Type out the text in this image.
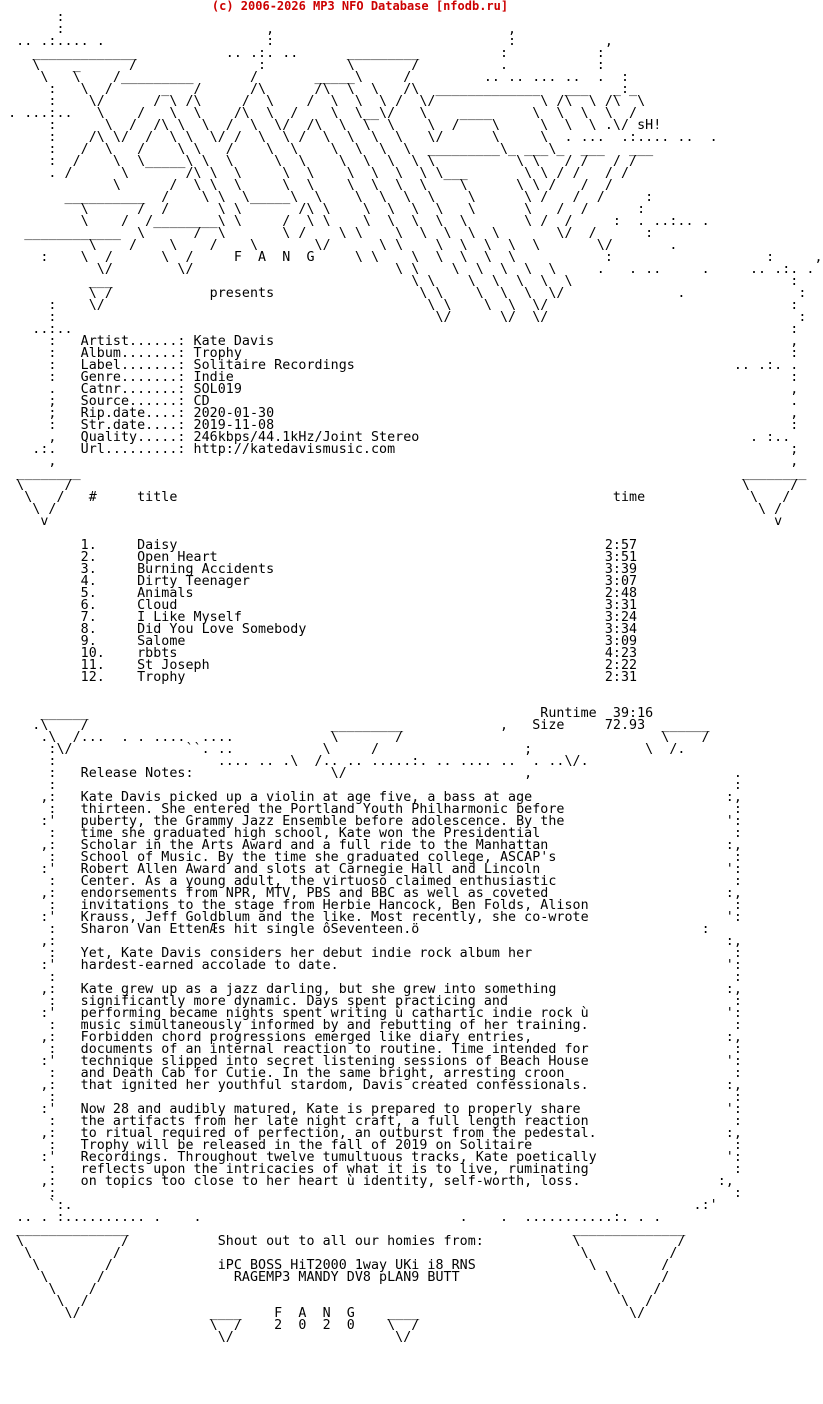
(c) 2006-2026 MP3 NFO Database [nfodb.ru]
:
:                         ,                             ,
.. .:.... .                    :                             :           ,
_____________           .. .:. ..      _________          :           :
\    _      /               :          \       /          .           :
\   \    /_________       /       _____\     /         .. .. ... ..  .  :
:   \  /      _   /      /\      /\  \  \   /\  _____________   ___   _:_
:    \/      / \ /\     /  \    /  \  \  \ /  \/             \ /\  \ /\  \
. ...:..   \    /   \  \    /\  \  /    \  \__\/   \    ____     \  \  \  \  /
:      \  /  /\ \  \  /  \  \/  /\  \  \  \    \  /    \     \  \  \ .\/ sH!
:    /\ \/  /  \ \  \/ /  \  \ /  \  \  \  \   \/      \     \  . ...  .:.... ..  .
:   /  \   /    \ \   /    \  \    \  \  \  \  _________\_ ___\_  ___   ___
:  /    \  \_____\ \  \     \  \    \  \  \  \ \          \ \   / /   / /
. /      \       /\ \  \     \  \    \  \  \  \ \___       \ \ / /   / /
\      /  \ \  \     \  \    \  \  \  \    \      \ \ /   /  /
__________  /    \ \  \_____\  \    \  \  \  \    \      \ /   /  /     :
\      /  /      \ \       /\ \    \  \  \  \   \      \   /  /      :
\    /  /________\ \     /  \ \    \  \  \  \  \       \ /  /     :  . ..:.. .
____________  \      /  \       \ /    \ \    \  \  \  \  \       \/  /      :
\    /    \    /    \       \/      \ \    \  \  \  \  \       \/       .
:    \  /      \  /     F  A  N  G     \ \    \  \  \  \  \           :                   :     ,
\/        \/                         \ \    \  \  \  \  \     .   . ..     .     .. .:. .
___                                     \ \    \  \  \  \  \                           :
\ /            presents                  \ \    \  \  \  \/              .              :
:    \/                                        \ \    \  \  \/                              :
:                                               \/      \/  \/                               :
..:..                                                                                         :
:   Artist......: Kate Davis                                                                ,
:   Album.......: Trophy                                                                    :
:   Label.......: Solitaire Recordings                                               .. .:. .
:   Genre.......: Indie                                                                     :
.   Catnr.......: SOL019                                                                    ,
;   Source......: CD                                                                        .
;   Rip.date....: 2020-01-30                                                                ,
:   Str.date....: 2019-11-08                                                                :
,   Quality.....: 246kbps/44.1kHz/Joint Stereo                                         . :..
.:.   Url.........: http://katedavismusic.com                                                 ;
,                                                                                           ,
________                                                                                  ________
\     /                                                                                   \     /
\   /   #     title                                                      time             \   /
\ /                                                                                       \ /
v                                                                                          v

1.     Daisy                                                     2:57
2.     Open Heart                                                3:51
3.     Burning Accidents                                         3:39
4.     Dirty Teenager                                            3:07
5.     Animals                                                   2:48
6.     Cloud                                                     3:31
7.     I Like Myself                                             3:24
8.     Did You Love Somebody                                     3:34
9.     Salome                                                    3:09
10.    rbbts                                                     4:23
11.    St Joseph                                                 2:22
12.    Trophy                                                    2:31

______                                                        Runtime  39:16
.\    /                              _________            ,   Size     72.93  ______
.\  /...  . . ....  ....            \       /                                \    /
:\/              ``. ..           \     /                  ;              \  /.
:                    .... .. .\  /.. .. .....:. .. .... ..  . ..\/.
:   Release Notes:                 \/                      ,                         .
:                                                                                    :
,:   Kate Davis picked up a violin at age five, a bass at age                        :,
:   thirteen. She entered the Portland Youth Philharmonic before                     :
:'   puberty, the Grammy Jazz Ensemble before adolescence. By the                    ':
:   time she graduated high school, Kate won the Presidential                        :
,:   Scholar in the Arts Award and a full ride to the Manhattan                      :,
:   School of Music. By the time she graduated college, ASCAP's                      :
:'   Robert Allen Award and slots at Carnegie Hall and Lincoln                       ':
:   Center. As a young adult, the virtuoso claimed enthusiastic                      :
,:   endorsements from NPR, MTV, PBS and BBC as well as coveted                      :,
:   invitations to the stage from Herbie Hancock, Ben Folds, Alison                  :
:'   Krauss, Jeff Goldblum and the like. Most recently, she co-wrote                 ':
:   Sharon Van EttenÆs hit single ôSeventeen.ö                                   :
,:                                                                                   :,
:   Yet, Kate Davis considers her debut indie rock album her                         :
:'   hardest-earned accolade to date.                                                ':
:                                                                                    :
,:   Kate grew up as a jazz darling, but she grew into something                     :,
:   significantly more dynamic. Days spent practicing and                            :
:'   performing became nights spent writing ù cathartic indie rock ù                 ':
:   music simultaneously informed by and rebutting of her training.                  :
,:   Forbidden chord progressions emerged like diary entries,                        :,
:   documents of an internal reaction to routine. Time intended for                  :
:'   technique slipped into secret listening sessions of Beach House                 ':
:   and Death Cab for Cutie. In the same bright, arresting croon                     :
,:   that ignited her youthful stardom, Davis created confessionals.                 :,
:                                                                                    :
:'   Now 28 and audibly matured, Kate is prepared to properly share                  ':
:   the artifacts from her late night craft, a full length reaction                  :
,:   to ritual required of perfection, an outburst from the pedestal.                :,
:   Trophy will be released in the fall of 2019 on Solitaire                         :
:'   Recordings. Throughout twelve tumultuous tracks, Kate poetically                ':
:   reflects upon the intricacies of what it is to live, ruminating                  :
,:   on topics too close to her heart ù identity, self-worth, loss.                 :,
:                                                                                    :
`:.                                                                             .:'
.. . :.......... .    .                                .    .  ...........:. . .
______________                                                       ______________
\            /           Shout out to all our homies from:           \            /
\          /                                                         \          /
\        /             iPC BOSS HiT2000 1way UKi i8 RNS              \        /
\      /                RAGEMP3 MANDY DV8 pLAN9 BUTT                  \      /
\    /                                                                \    /
\  /                                                                  \  /
\/                ____    F  A  N  G    ____                          \/
\  /    2  0  2  0    \  /
\/                    \/
